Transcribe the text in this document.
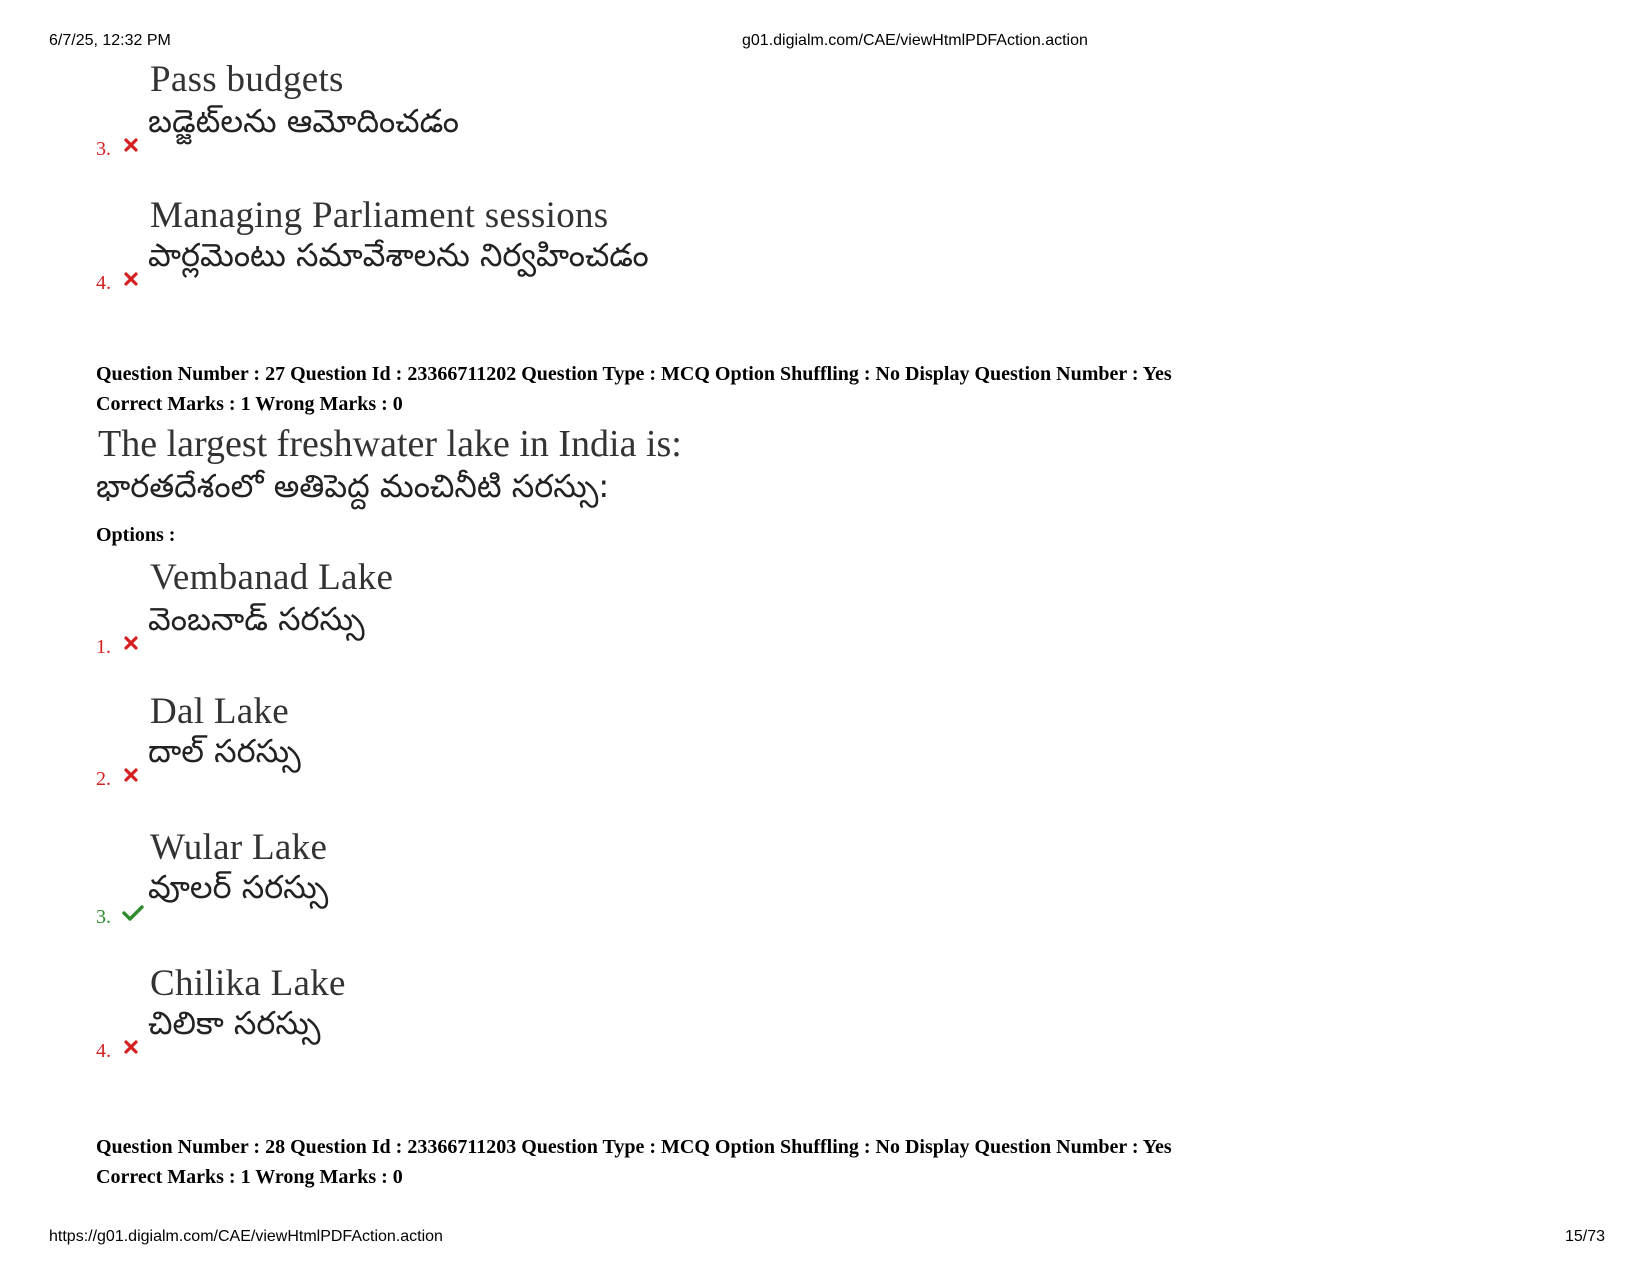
6/7/25, 12:32 PM	g01.digialm.com/CAE/viewHtmlPDFAction.action
Pass budgets
బడ్జెట్‌లను ఆమోదించడం
3.
Managing Parliament sessions
పార్లమెంటు సమావేశాలను నిర్వహించడం
4.
Question Number : 27 Question Id : 23366711202 Question Type : MCQ Option Shuffling : No Display Question Number : Yes
Correct Marks : 1 Wrong Marks : 0
The largest freshwater lake in India is:
భారతదేశంలో అతిపెద్ద మంచినీటి సరస్సు:
Options :
Vembanad Lake
వెంబనాడ్ సరస్సు
1.
Dal Lake
దాల్ సరస్సు
2.
Wular Lake
వూలర్ సరస్సు
3.
Chilika Lake
చిలికా సరస్సు
4.
Question Number : 28 Question Id : 23366711203 Question Type : MCQ Option Shuffling : No Display Question Number : Yes
Correct Marks : 1 Wrong Marks : 0
https://g01.digialm.com/CAE/viewHtmlPDFAction.action	15/73
